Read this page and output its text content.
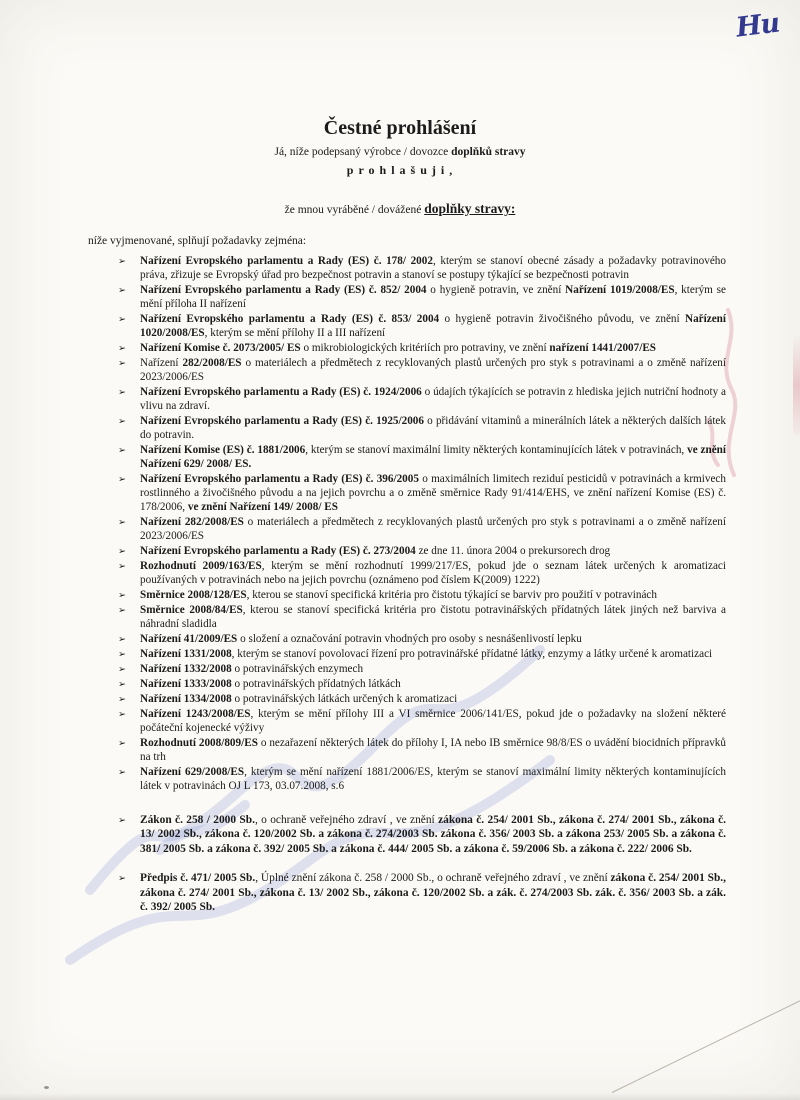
Hu
Čestné prohlášení

Já, níže podepsaný výrobce / dovozce doplňků stravy

p r o h l a š u j i ,

že mnou vyráběné / dovážené doplňky stravy:

níže vyjmenované, splňují požadavky zejména:

➢ Nařízení Evropského parlamentu a Rady (ES) č. 178/ 2002, kterým se stanoví obecné zásady a požadavky potravinového práva, zřizuje se Evropský úřad pro bezpečnost potravin a stanoví se postupy týkající se bezpečnosti potravin
➢ Nařízení Evropského parlamentu a Rady (ES) č. 852/ 2004 o hygieně potravin, ve znění Nařízení 1019/2008/ES, kterým se mění příloha II nařízení
➢ Nařízení Evropského parlamentu a Rady (ES) č. 853/ 2004 o hygieně potravin živočišného původu, ve znění Nařízení 1020/2008/ES, kterým se mění přílohy II a III nařízení
➢ Nařízení Komise č. 2073/2005/ ES o mikrobiologických kritériích pro potraviny, ve znění nařízení 1441/2007/ES
➢ Nařízení 282/2008/ES o materiálech a předmětech z recyklovaných plastů určených pro styk s potravinami a o změně nařízení 2023/2006/ES
➢ Nařízení Evropského parlamentu a Rady (ES) č. 1924/2006 o údajích týkajících se potravin z hlediska jejich nutriční hodnoty a vlivu na zdraví.
➢ Nařízení Evropského parlamentu a Rady (ES) č. 1925/2006 o přidávání vitaminů a minerálních látek a některých dalších látek do potravin.
➢ Nařízení Komise (ES) č. 1881/2006, kterým se stanoví maximální limity některých kontaminujících látek v potravinách, ve znění Nařízení 629/ 2008/ ES.
➢ Nařízení Evropského parlamentu a Rady (ES) č. 396/2005 o maximálních limitech reziduí pesticidů v potravinách a krmivech rostlinného a živočišného původu a na jejich povrchu a o změně směrnice Rady 91/414/EHS, ve znění nařízení Komise (ES) č. 178/2006, ve znění Nařízení 149/ 2008/ ES
➢ Nařízení 282/2008/ES o materiálech a předmětech z recyklovaných plastů určených pro styk s potravinami a o změně nařízení 2023/2006/ES
➢ Nařízení Evropského parlamentu a Rady (ES) č. 273/2004 ze dne 11. února 2004 o prekursorech drog
➢ Rozhodnutí 2009/163/ES, kterým se mění rozhodnutí 1999/217/ES, pokud jde o seznam látek určených k aromatizaci používaných v potravinách nebo na jejich povrchu (oznámeno pod číslem K(2009) 1222)
➢ Směrnice 2008/128/ES, kterou se stanoví specifická kritéria pro čistotu týkající se barviv pro použití v potravinách
➢ Směrnice 2008/84/ES, kterou se stanoví specifická kritéria pro čistotu potravinářských přídatných látek jiných než barviva a náhradní sladidla
➢ Nařízení 41/2009/ES o složení a označování potravin vhodných pro osoby s nesnášenlivostí lepku
➢ Nařízení 1331/2008, kterým se stanoví povolovací řízení pro potravinářské přídatné látky, enzymy a látky určené k aromatizaci
➢ Nařízení 1332/2008 o potravinářských enzymech
➢ Nařízení 1333/2008 o potravinářských přídatných látkách
➢ Nařízení 1334/2008 o potravinářských látkách určených k aromatizaci
➢ Nařízení 1243/2008/ES, kterým se mění přílohy III a VI směrnice 2006/141/ES, pokud jde o požadavky na složení některé počáteční kojenecké výživy
➢ Rozhodnutí 2008/809/ES o nezařazení některých látek do přílohy I, IA nebo IB směrnice 98/8/ES o uvádění biocidních přípravků na trh
➢ Nařízení 629/2008/ES, kterým se mění nařízení 1881/2006/ES, kterým se stanoví maximální limity některých kontaminujících látek v potravinách OJ L 173, 03.07.2008, s.6
➢ Zákon č. 258 / 2000 Sb., o ochraně veřejného zdraví , ve znění zákona č. 254/ 2001 Sb., zákona č. 274/ 2001 Sb., zákona č. 13/ 2002 Sb., zákona č. 120/2002 Sb. a zákona č. 274/2003 Sb. zákona č. 356/ 2003 Sb. a zákona 253/ 2005 Sb. a zákona č. 381/ 2005 Sb. a zákona č. 392/ 2005 Sb. a zákona č. 444/ 2005 Sb. a zákona č. 59/2006 Sb. a zákona č. 222/ 2006 Sb.
➢ Předpis č. 471/ 2005 Sb., Úplné znění zákona č. 258 / 2000 Sb., o ochraně veřejného zdraví , ve znění zákona č. 254/ 2001 Sb., zákona č. 274/ 2001 Sb., zákona č. 13/ 2002 Sb., zákona č. 120/2002 Sb. a zák. č. 274/2003 Sb. zák. č. 356/ 2003 Sb. a zák. č. 392/ 2005 Sb.
